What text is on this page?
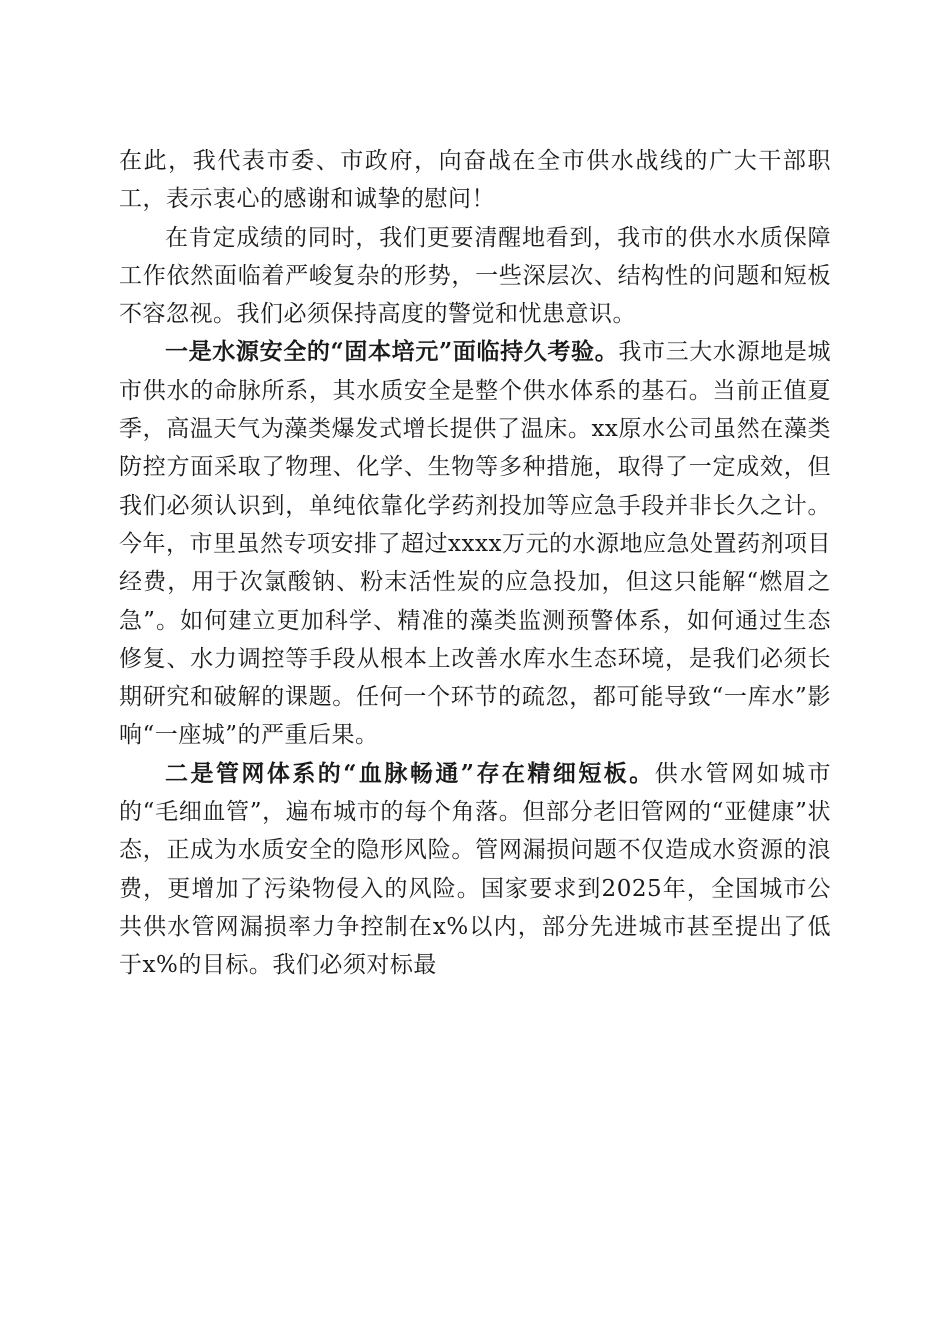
在此，我代表市委、市政府，向奋战在全市供水战线的广大干部职工，表示衷心的感谢和诚挚的慰问！

在肯定成绩的同时，我们更要清醒地看到，我市的供水水质保障工作依然面临着严峻复杂的形势，一些深层次、结构性的问题和短板不容忽视。我们必须保持高度的警觉和忧患意识。

一是水源安全的“固本培元”面临持久考验。我市三大水源地是城市供水的命脉所系，其水质安全是整个供水体系的基石。当前正值夏季，高温天气为藻类爆发式增长提供了温床。xx原水公司虽然在藻类防控方面采取了物理、化学、生物等多种措施，取得了一定成效，但我们必须认识到，单纯依靠化学药剂投加等应急手段并非长久之计。今年，市里虽然专项安排了超过xxxx万元的水源地应急处置药剂项目经费，用于次氯酸钠、粉末活性炭的应急投加，但这只能解“燃眉之急”。如何建立更加科学、精准的藻类监测预警体系，如何通过生态修复、水力调控等手段从根本上改善水库水生态环境，是我们必须长期研究和破解的课题。任何一个环节的疏忽，都可能导致“一库水”影响“一座城”的严重后果。

二是管网体系的“血脉畅通”存在精细短板。供水管网如城市的“毛细血管”，遍布城市的每个角落。但部分老旧管网的“亚健康”状态，正成为水质安全的隐形风险。管网漏损问题不仅造成水资源的浪费，更增加了污染物侵入的风险。国家要求到2025年，全国城市公共供水管网漏损率力争控制在x%以内，部分先进城市甚至提出了低于x%的目标。我们必须对标最
